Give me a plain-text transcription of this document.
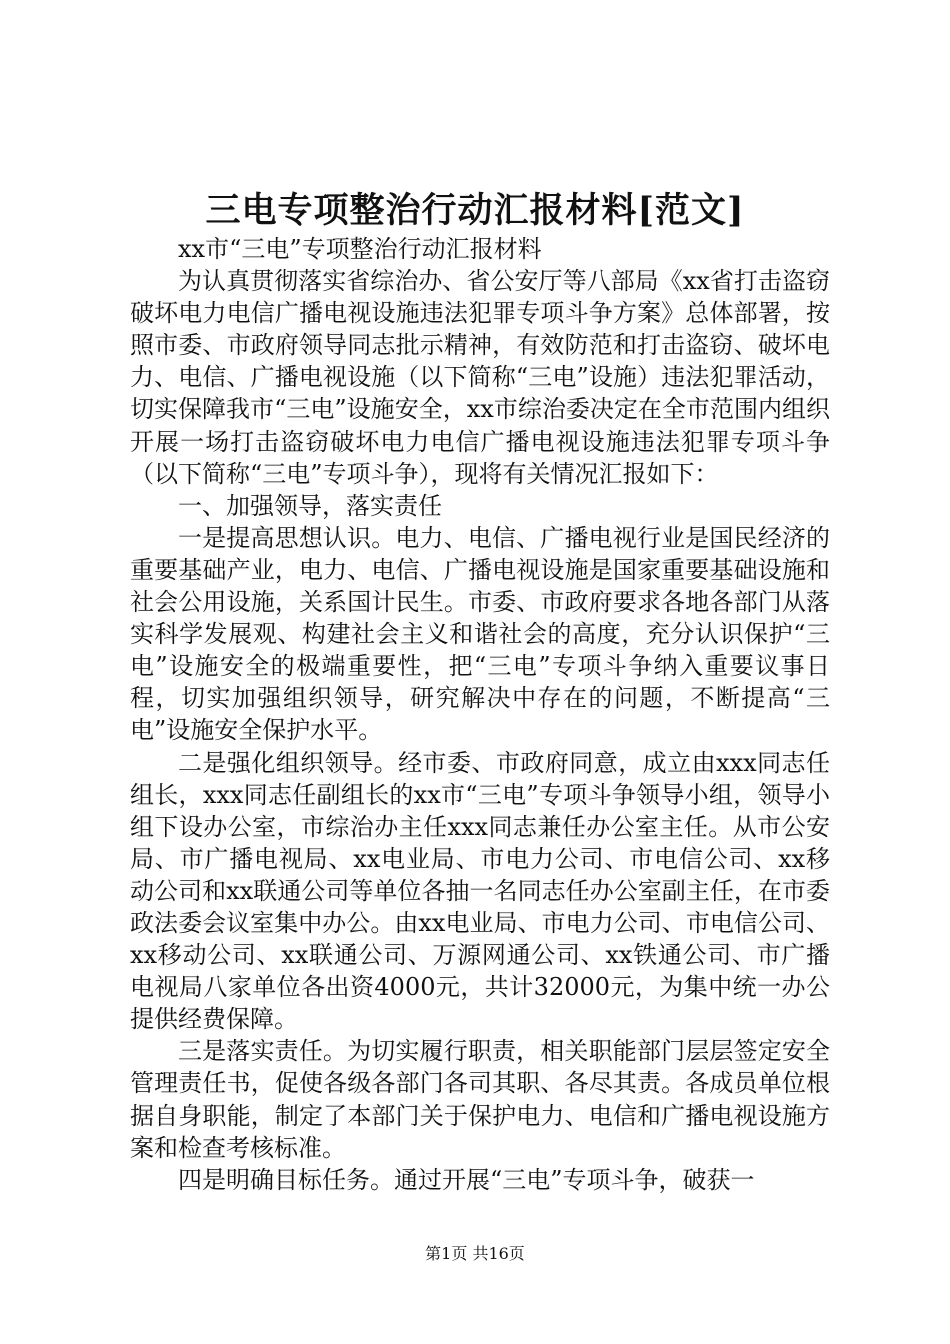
三电专项整治行动汇报材料[范文]

xx市“三电”专项整治行动汇报材料

为认真贯彻落实省综治办、省公安厅等八部局《xx省打击盗窃破坏电力电信广播电视设施违法犯罪专项斗争方案》总体部署，按照市委、市政府领导同志批示精神，有效防范和打击盗窃、破坏电力、电信、广播电视设施（以下简称“三电”设施）违法犯罪活动，切实保障我市“三电”设施安全，xx市综治委决定在全市范围内组织开展一场打击盗窃破坏电力电信广播电视设施违法犯罪专项斗争（以下简称“三电”专项斗争），现将有关情况汇报如下：

一、加强领导，落实责任

一是提高思想认识。电力、电信、广播电视行业是国民经济的重要基础产业，电力、电信、广播电视设施是国家重要基础设施和社会公用设施，关系国计民生。市委、市政府要求各地各部门从落实科学发展观、构建社会主义和谐社会的高度，充分认识保护“三电”设施安全的极端重要性，把“三电”专项斗争纳入重要议事日程，切实加强组织领导，研究解决中存在的问题，不断提高“三电”设施安全保护水平。

二是强化组织领导。经市委、市政府同意，成立由xxx同志任组长，xxx同志任副组长的xx市“三电”专项斗争领导小组，领导小组下设办公室，市综治办主任xxx同志兼任办公室主任。从市公安局、市广播电视局、xx电业局、市电力公司、市电信公司、xx移动公司和xx联通公司等单位各抽一名同志任办公室副主任，在市委政法委会议室集中办公。由xx电业局、市电力公司、市电信公司、xx移动公司、xx联通公司、万源网通公司、xx铁通公司、市广播电视局八家单位各出资4000元，共计32000元，为集中统一办公提供经费保障。

三是落实责任。为切实履行职责，相关职能部门层层签定安全管理责任书，促使各级各部门各司其职、各尽其责。各成员单位根据自身职能，制定了本部门关于保护电力、电信和广播电视设施方案和检查考核标准。

四是明确目标任务。通过开展“三电”专项斗争，破获一

第1页 共16页
